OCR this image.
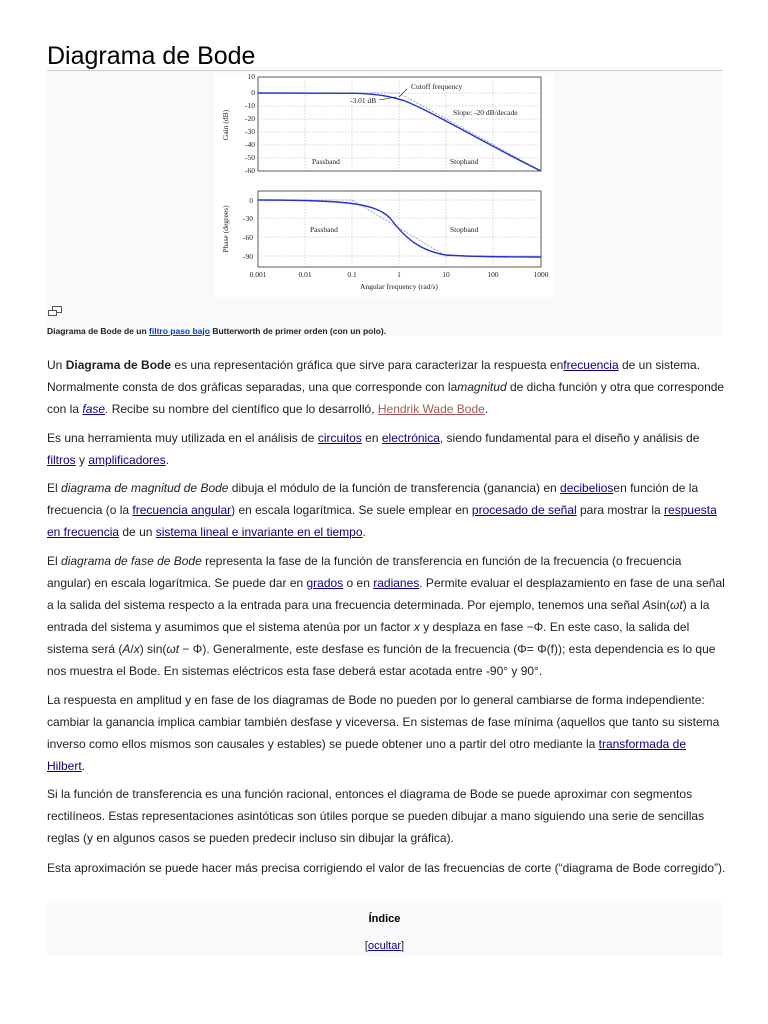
Diagrama de Bode
10
0
-10
-20
-30
-40
-50
-60
Gain (dB)
Cutoff frequency
-3.01 dB
Slope: -20 dB/decade
Passband	Stopband
0
-30
-60
-90
Phase (degrees)	Passband	Stopband
0.001	0.01	0.1	1	10	100	1000
Angular frequency (rad/s)
Diagrama de Bode de un filtro paso bajo Butterworth de primer orden (con un polo).

Un Diagrama de Bode es una representación gráfica que sirve para caracterizar la respuesta enfrecuencia de un sistema. Normalmente consta de dos gráficas separadas, una que corresponde con lamagnitud de dicha función y otra que corresponde con la fase. Recibe su nombre del científico que lo desarrolló, Hendrik Wade Bode.

Es una herramienta muy utilizada en el análisis de circuitos en electrónica, siendo fundamental para el diseño y análisis de filtros y amplificadores.

El diagrama de magnitud de Bode dibuja el módulo de la función de transferencia (ganancia) en decibeliosen función de la frecuencia (o la frecuencia angular) en escala logarítmica. Se suele emplear en procesado de señal para mostrar la respuesta en frecuencia de un sistema lineal e invariante en el tiempo.

El diagrama de fase de Bode representa la fase de la función de transferencia en función de la frecuencia (o frecuencia angular) en escala logarítmica. Se puede dar en grados o en radianes. Permite evaluar el desplazamiento en fase de una señal a la salida del sistema respecto a la entrada para una frecuencia determinada. Por ejemplo, tenemos una señal Asin(ωt) a la entrada del sistema y asumimos que el sistema atenúa por un factor x y desplaza en fase −Φ. En este caso, la salida del sistema será (A/x) sin(ωt − Φ). Generalmente, este desfase es función de la frecuencia (Φ= Φ(f)); esta dependencia es lo que nos muestra el Bode. En sistemas eléctricos esta fase deberá estar acotada entre -90° y 90°.

La respuesta en amplitud y en fase de los diagramas de Bode no pueden por lo general cambiarse de forma independiente: cambiar la ganancia implica cambiar también desfase y viceversa. En sistemas de fase mínima (aquellos que tanto su sistema inverso como ellos mismos son causales y estables) se puede obtener uno a partir del otro mediante la transformada de Hilbert.

Si la función de transferencia es una función racional, entonces el diagrama de Bode se puede aproximar con segmentos rectilíneos. Estas representaciones asintóticas son útiles porque se pueden dibujar a mano siguiendo una serie de sencillas reglas (y en algunos casos se pueden predecir incluso sin dibujar la gráfica).

Esta aproximación se puede hacer más precisa corrigiendo el valor de las frecuencias de corte (“diagrama de Bode corregido”).

Índice
[ocultar]
